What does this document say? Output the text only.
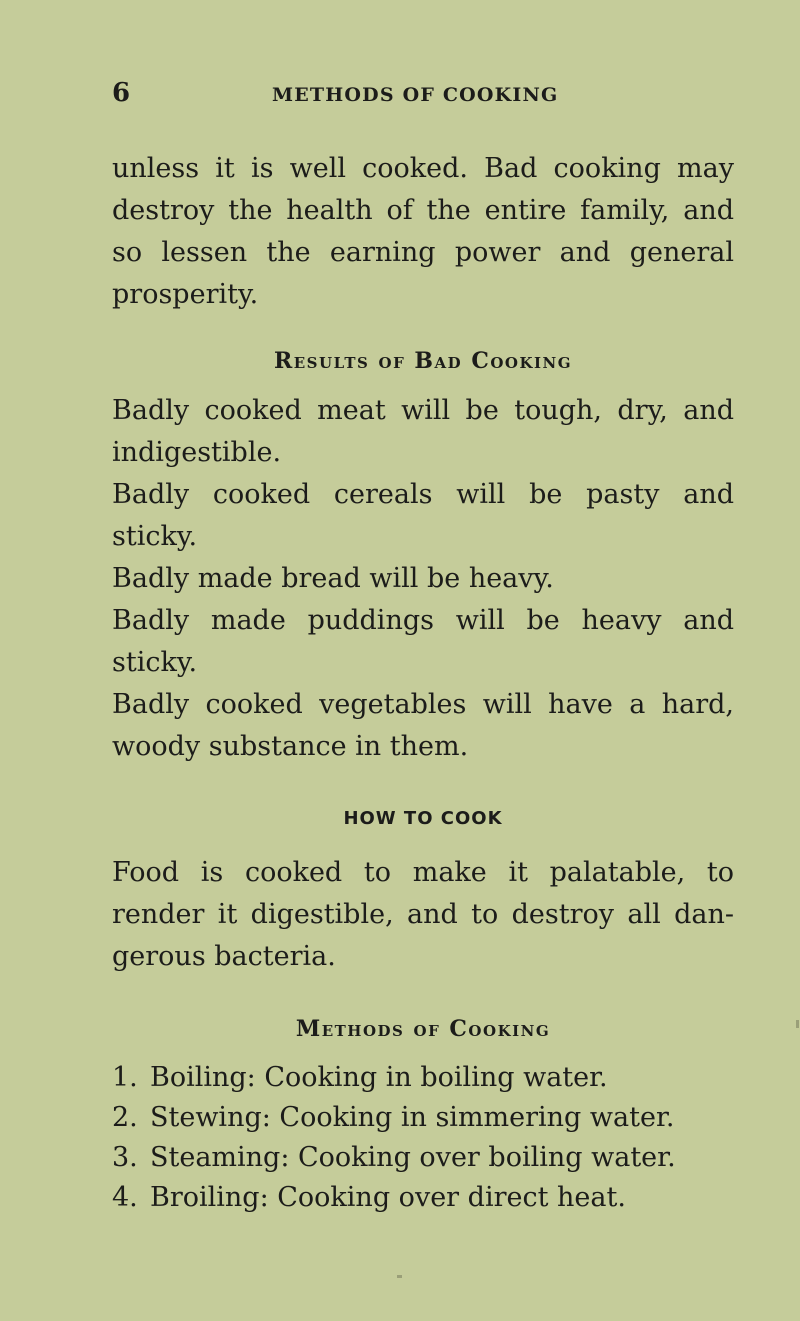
6	METHODS OF COOKING

unless it is well cooked. Bad cooking may destroy the health of the entire family, and so lessen the earning power and general prosperity.

Results of Bad Cooking

Badly cooked meat will be tough, dry, and indigestible.

Badly cooked cereals will be pasty and sticky.

Badly made bread will be heavy.

Badly made puddings will be heavy and sticky.

Badly cooked vegetables will have a hard, woody substance in them.

HOW TO COOK

Food is cooked to make it palatable, to render it digestible, and to destroy all dan- gerous bacteria.

Methods of Cooking
1. Boiling: Cooking in boiling water.
2. Stewing: Cooking in simmering water.
3. Steaming: Cooking over boiling water.
4. Broiling: Cooking over direct heat.
